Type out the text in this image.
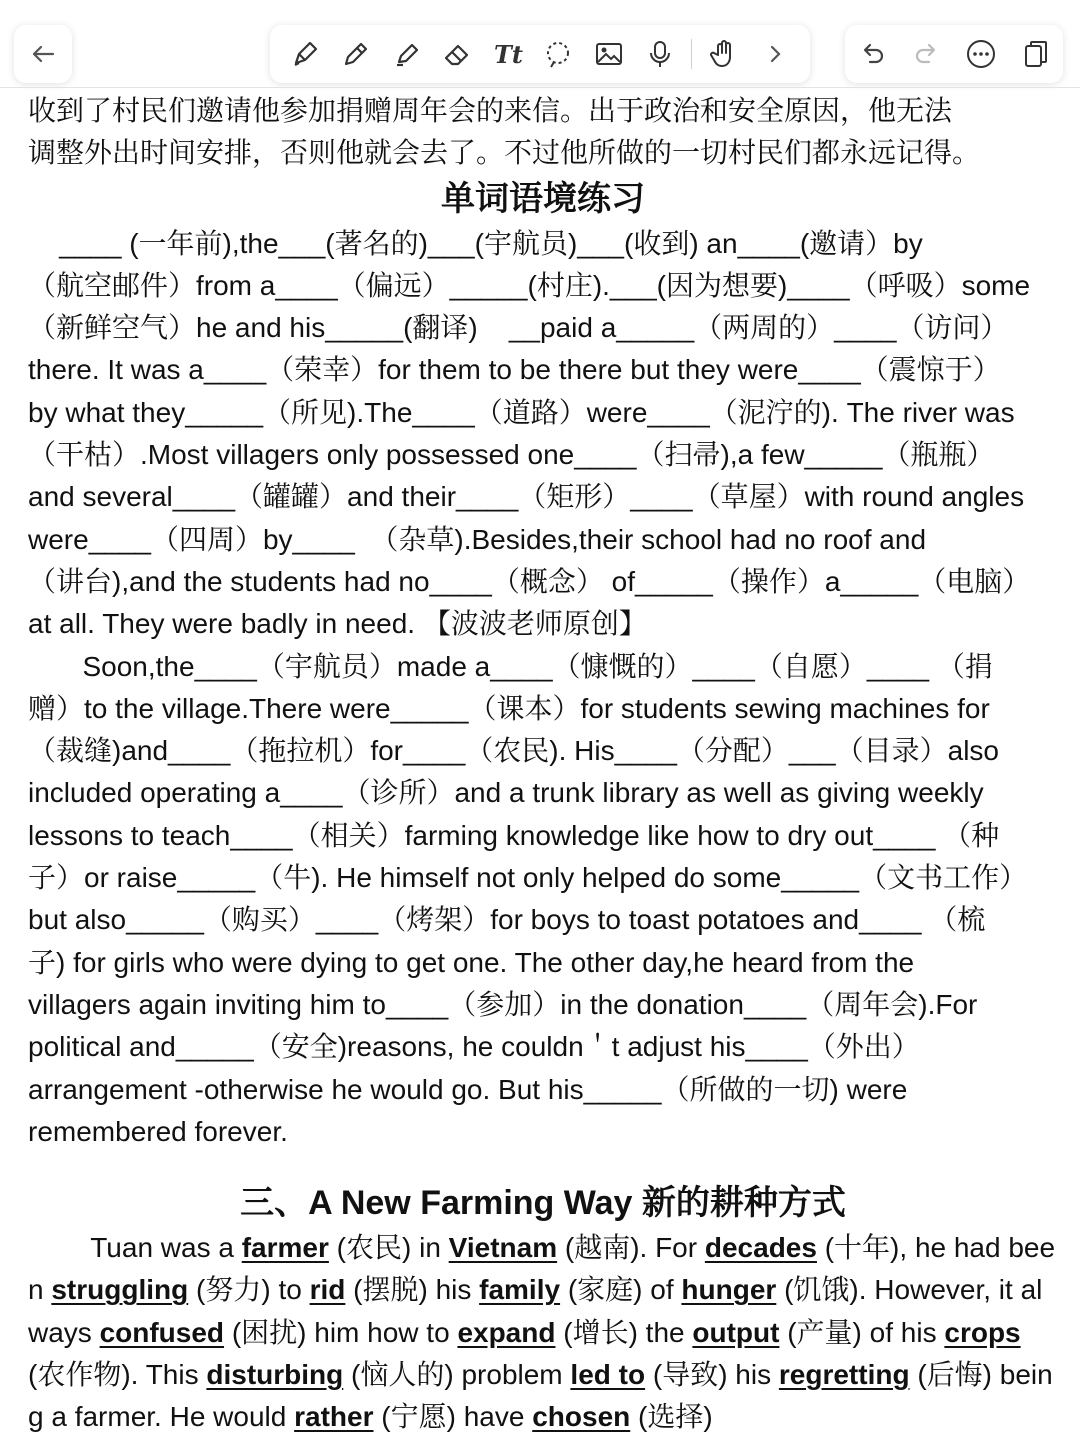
Tt

收到了村民们邀请他参加捐赠周年会的来信。出于政治和安全原因，他无法

调整外出时间安排，否则他就会去了。不过他所做的一切村民们都永远记得。

单词语境练习

____ (一年前),the___(著名的)___(宇航员)___(收到) an____(邀请）by

（航空邮件）from a____（偏远）_____(村庄).___(因为想要)____（呼吸）some

（新鲜空气）he and his_____(翻译)    __paid a_____（两周的）____（访问）

there. It was a____（荣幸）for them to be there but they were____（震惊于）

by what they_____（所见).The____（道路）were____（泥泞的). The river was

（干枯）.Most villagers only possessed one____（扫帚),a few_____（瓶瓶）

and several____（罐罐）and their____（矩形）____（草屋）with round angles

were____（四周）by____  （杂草).Besides,their school had no roof and

（讲台),and the students had no____（概念） of_____（操作）a_____（电脑）

at all. They were badly in need. 【波波老师原创】

Soon,the____（宇航员）made a____（慷慨的）____（自愿）____ （捐

赠）to the village.There were_____（课本）for students sewing machines for

（裁缝)and____（拖拉机）for____（农民). His____（分配）___（目录）also

included operating a____（诊所）and a trunk library as well as giving weekly

lessons to teach____（相关）farming knowledge like how to dry out____ （种

子）or raise_____（牛). He himself not only helped do some_____（文书工作）

but also_____（购买）____（烤架）for boys to toast potatoes and____ （梳

子) for girls who were dying to get one. The other day,he heard from the

villagers again inviting him to____（参加）in the donation____（周年会).For

political and_____（安全)reasons, he couldn＇t adjust his____（外出）

arrangement -otherwise he would go. But his_____（所做的一切) were

remembered forever.

三、A New Farming Way 新的耕种方式

Tuan was a farmer (农民) in Vietnam (越南). For decades (十年), he had been struggling (努力) to rid (摆脱) his family (家庭) of hunger (饥饿). However, it always confused (困扰) him how to expand (增长) the output (产量) of his crops (农作物). This disturbing (恼人的) problem led to (导致) his regretting (后悔) being a farmer. He would rather (宁愿) have chosen (选择)
